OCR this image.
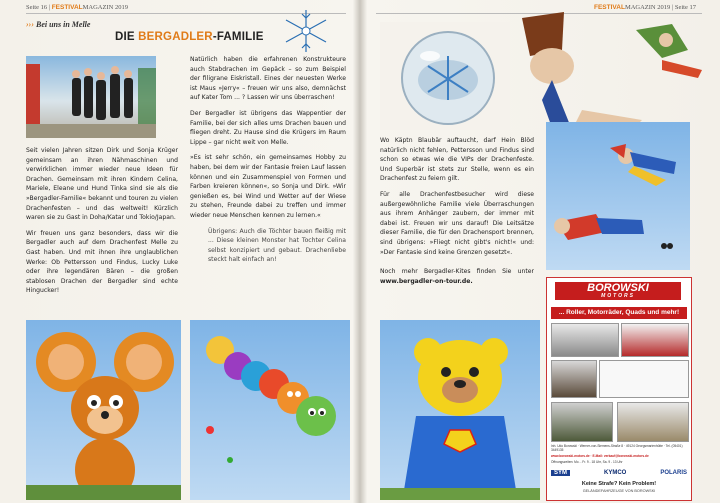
Seite 16 | FESTIVALMAGAZIN 2019
››› Bei uns in Melle
DIE BERGADLER-FAMILIE

Seit vielen Jahren sitzen Dirk und Sonja Krüger gemeinsam an ihren Nähmaschinen und verwirklichen immer wieder neue Ideen für Drachen. Gemeinsam mit ihren Kindern Celina, Mariele, Eleane und Hund Tinka sind sie als die »Bergadler-Familie« bekannt und touren zu vielen Drachenfesten – und das weltweit! Kürzlich waren sie zu Gast in Doha/Katar und Tokio/Japan.

Wir freuen uns ganz besonders, dass wir die Bergadler auch auf dem Drachenfest Melle zu Gast haben. Und mit ihnen ihre unglaublichen Werke: Ob Pettersson und Findus, Lucky Luke oder ihre legendären Bären – die großen stablosen Drachen der Bergadler sind echte Hingucker!

Natürlich haben die erfahrenen Konstrukteure auch Stabdrachen im Gepäck – so zum Beispiel der filigrane Eiskristall. Eines der neuesten Werke ist Maus »Jerry« – freuen wir uns also, demnächst auf Kater Tom ... ? Lassen wir uns überraschen!

Der Bergadler ist übrigens das Wappentier der Familie, bei der sich alles ums Drachen bauen und fliegen dreht. Zu Hause sind die Krügers im Raum Lippe – gar nicht weit von Melle.

»Es ist sehr schön, ein gemeinsames Hobby zu haben, bei dem wir der Fantasie freien Lauf lassen können und ein Zusammenspiel von Formen und Farben kreieren können«, so Sonja und Dirk. »Wir genießen es, bei Wind und Wetter auf der Wiese zu stehen, Freunde dabei zu treffen und immer wieder neue Menschen kennen zu lernen.«

Übrigens: Auch die Töchter bauen fleißig mit ... Diese kleinen Monster hat Tochter Celina selbst konzipiert und gebaut. Drachenliebe steckt halt einfach an!

FESTIVALMAGAZIN 2019 | Seite 17

Wo Käptn Blaubär auftaucht, darf Hein Blöd natürlich nicht fehlen, Pettersson und Findus sind schon so etwas wie die VIPs der Drachenfeste. Und Superbär ist stets zur Stelle, wenn es ein Drachenfest zu feiern gilt.

Für alle Drachenfestbesucher wird diese außergewöhnliche Familie viele Überraschungen aus ihrem Anhänger zaubern, der immer mit dabei ist. Freuen wir uns darauf! Die Leitsätze dieser Familie, die für den Drachensport brennen, sind übrigens: »Fliegt nicht gibt's nicht!« und: »Der Fantasie sind keine Grenzen gesetzt«.

Noch mehr Bergadler-Kites finden Sie unter www.bergadler-on-tour.de.

BOROWSKI
MOTORS
... Roller, Motorräder, Quads und mehr!
Inh. Udo Borowski · Werner-von-Siemens-Straße 8 · 49124 Georgsmarienhütte · Tel. (05401) 3449135
www.borowski-motors.de · E-Mail: verkauf@borowski-motors.de
Öffnungszeiten: Mo. - Fr. 9 - 18 Uhr, Sa. 9 - 13 Uhr
SYM	KYMCO	POLARIS
Keine Strafe? Kein Problem!
GELÄNDEFAHRZEUGE VON BOROWSKI
